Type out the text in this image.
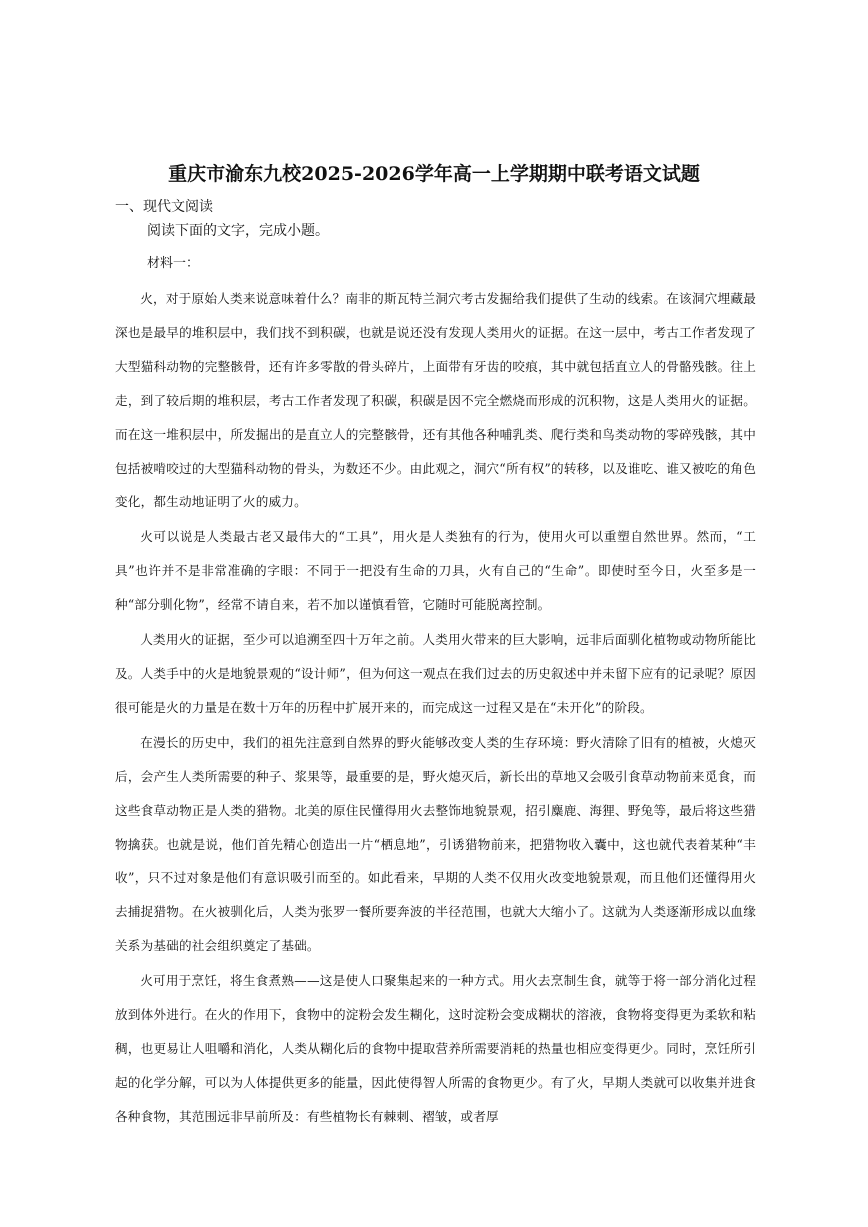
重庆市渝东九校2025-2026学年高一上学期期中联考语文试题
一、现代文阅读
阅读下面的文字，完成小题。
材料一：

火，对于原始人类来说意味着什么？南非的斯瓦特兰洞穴考古发掘给我们提供了生动的线索。在该洞穴埋藏最深也是最早的堆积层中，我们找不到积碳，也就是说还没有发现人类用火的证据。在这一层中，考古工作者发现了大型猫科动物的完整骸骨，还有许多零散的骨头碎片，上面带有牙齿的咬痕，其中就包括直立人的骨骼残骸。往上走，到了较后期的堆积层，考古工作者发现了积碳，积碳是因不完全燃烧而形成的沉积物，这是人类用火的证据。而在这一堆积层中，所发掘出的是直立人的完整骸骨，还有其他各种哺乳类、爬行类和鸟类动物的零碎残骸，其中包括被啃咬过的大型猫科动物的骨头，为数还不少。由此观之，洞穴“所有权”的转移，以及谁吃、谁又被吃的角色变化，都生动地证明了火的威力。

火可以说是人类最古老又最伟大的“工具”，用火是人类独有的行为，使用火可以重塑自然世界。然而，“工具”也许并不是非常准确的字眼：不同于一把没有生命的刀具，火有自己的“生命”。即使时至今日，火至多是一种“部分驯化物”，经常不请自来，若不加以谨慎看管，它随时可能脱离控制。

人类用火的证据，至少可以追溯至四十万年之前。人类用火带来的巨大影响，远非后面驯化植物或动物所能比及。人类手中的火是地貌景观的“设计师”，但为何这一观点在我们过去的历史叙述中并未留下应有的记录呢？原因很可能是火的力量是在数十万年的历程中扩展开来的，而完成这一过程又是在“未开化”的阶段。

在漫长的历史中，我们的祖先注意到自然界的野火能够改变人类的生存环境：野火清除了旧有的植被，火熄灭后，会产生人类所需要的种子、浆果等，最重要的是，野火熄灭后，新长出的草地又会吸引食草动物前来觅食，而这些食草动物正是人类的猎物。北美的原住民懂得用火去整饰地貌景观，招引麋鹿、海狸、野兔等，最后将这些猎物擒获。也就是说，他们首先精心创造出一片“栖息地”，引诱猎物前来，把猎物收入囊中，这也就代表着某种“丰收”，只不过对象是他们有意识吸引而至的。如此看来，早期的人类不仅用火改变地貌景观，而且他们还懂得用火去捕捉猎物。在火被驯化后，人类为张罗一餐所要奔波的半径范围，也就大大缩小了。这就为人类逐渐形成以血缘关系为基础的社会组织奠定了基础。

火可用于烹饪，将生食煮熟——这是使人口聚集起来的一种方式。用火去烹制生食，就等于将一部分消化过程放到体外进行。在火的作用下，食物中的淀粉会发生糊化，这时淀粉会变成糊状的溶液，食物将变得更为柔软和粘稠，也更易让人咀嚼和消化，人类从糊化后的食物中提取营养所需要消耗的热量也相应变得更少。同时，烹饪所引起的化学分解，可以为人体提供更多的能量，因此使得智人所需的食物更少。有了火，早期人类就可以收集并进食各种食物，其范围远非早前所及：有些植物长有棘刺、褶皱，或者厚
